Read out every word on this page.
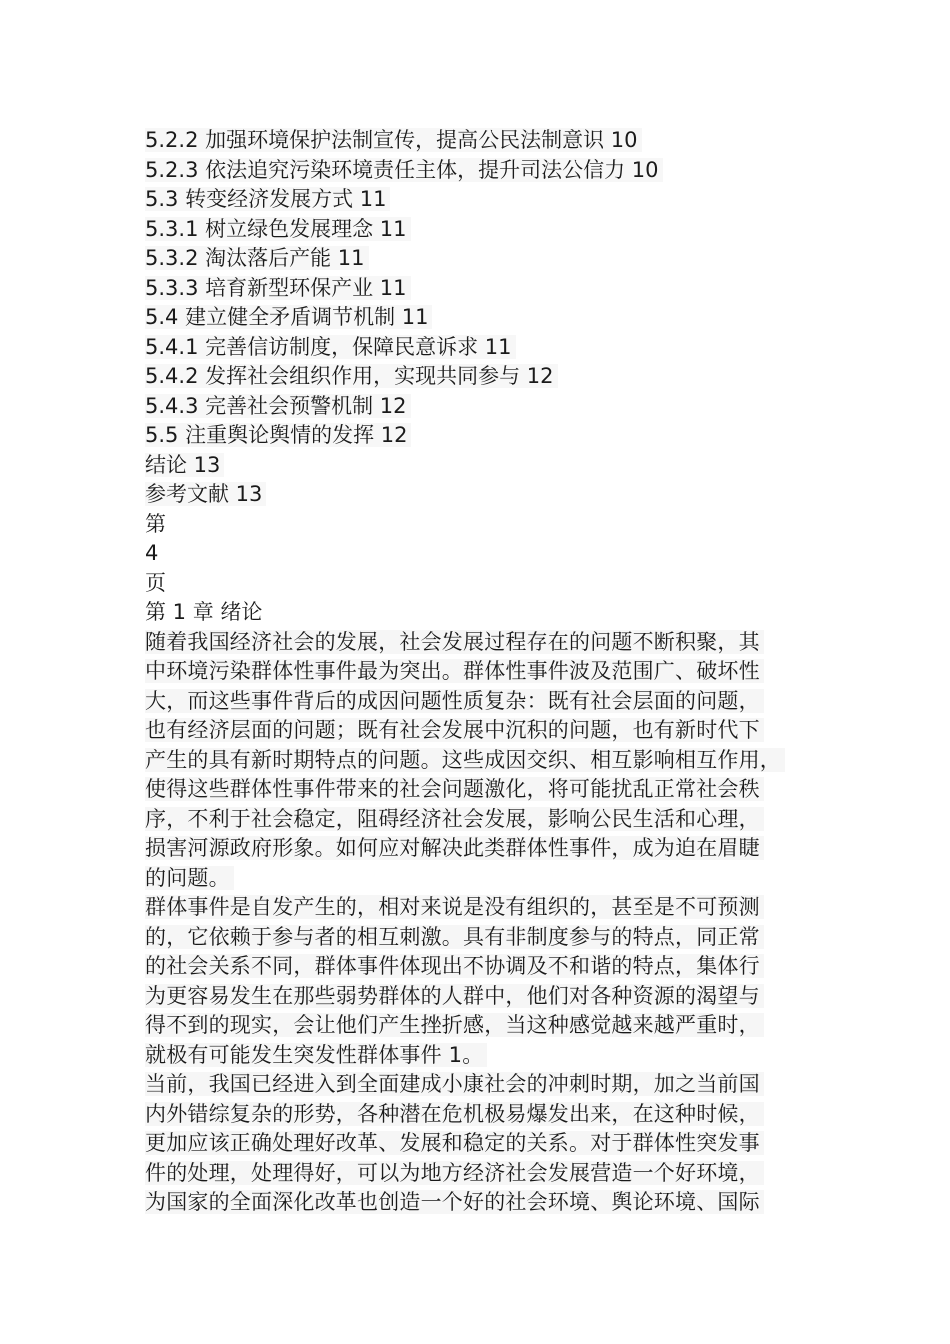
5.2.2 加强环境保护法制宣传，提高公民法制意识 10
5.2.3 依法追究污染环境责任主体，提升司法公信力 10
5.3 转变经济发展方式 11
5.3.1 树立绿色发展理念 11
5.3.2 淘汰落后产能 11
5.3.3 培育新型环保产业 11
5.4 建立健全矛盾调节机制 11
5.4.1 完善信访制度，保障民意诉求 11
5.4.2 发挥社会组织作用，实现共同参与 12
5.4.3 完善社会预警机制 12
5.5 注重舆论舆情的发挥 12
结论 13
参考文献 13
第
4
页
第 1 章 绪论
随着我国经济社会的发展，社会发展过程存在的问题不断积聚，其
中环境污染群体性事件最为突出。群体性事件波及范围广、破坏性
大，而这些事件背后的成因问题性质复杂：既有社会层面的问题，
也有经济层面的问题；既有社会发展中沉积的问题，也有新时代下
产生的具有新时期特点的问题。这些成因交织、相互影响相互作用，
使得这些群体性事件带来的社会问题激化，将可能扰乱正常社会秩
序，不利于社会稳定，阻碍经济社会发展，影响公民生活和心理，
损害河源政府形象。如何应对解决此类群体性事件，成为迫在眉睫
的问题。
群体事件是自发产生的，相对来说是没有组织的，甚至是不可预测
的，它依赖于参与者的相互刺激。具有非制度参与的特点，同正常
的社会关系不同，群体事件体现出不协调及不和谐的特点，集体行
为更容易发生在那些弱势群体的人群中，他们对各种资源的渴望与
得不到的现实，会让他们产生挫折感，当这种感觉越来越严重时，
就极有可能发生突发性群体事件 1。
当前，我国已经进入到全面建成小康社会的冲刺时期，加之当前国
内外错综复杂的形势，各种潜在危机极易爆发出来，在这种时候，
更加应该正确处理好改革、发展和稳定的关系。对于群体性突发事
件的处理，处理得好，可以为地方经济社会发展营造一个好环境，
为国家的全面深化改革也创造一个好的社会环境、舆论环境、国际
